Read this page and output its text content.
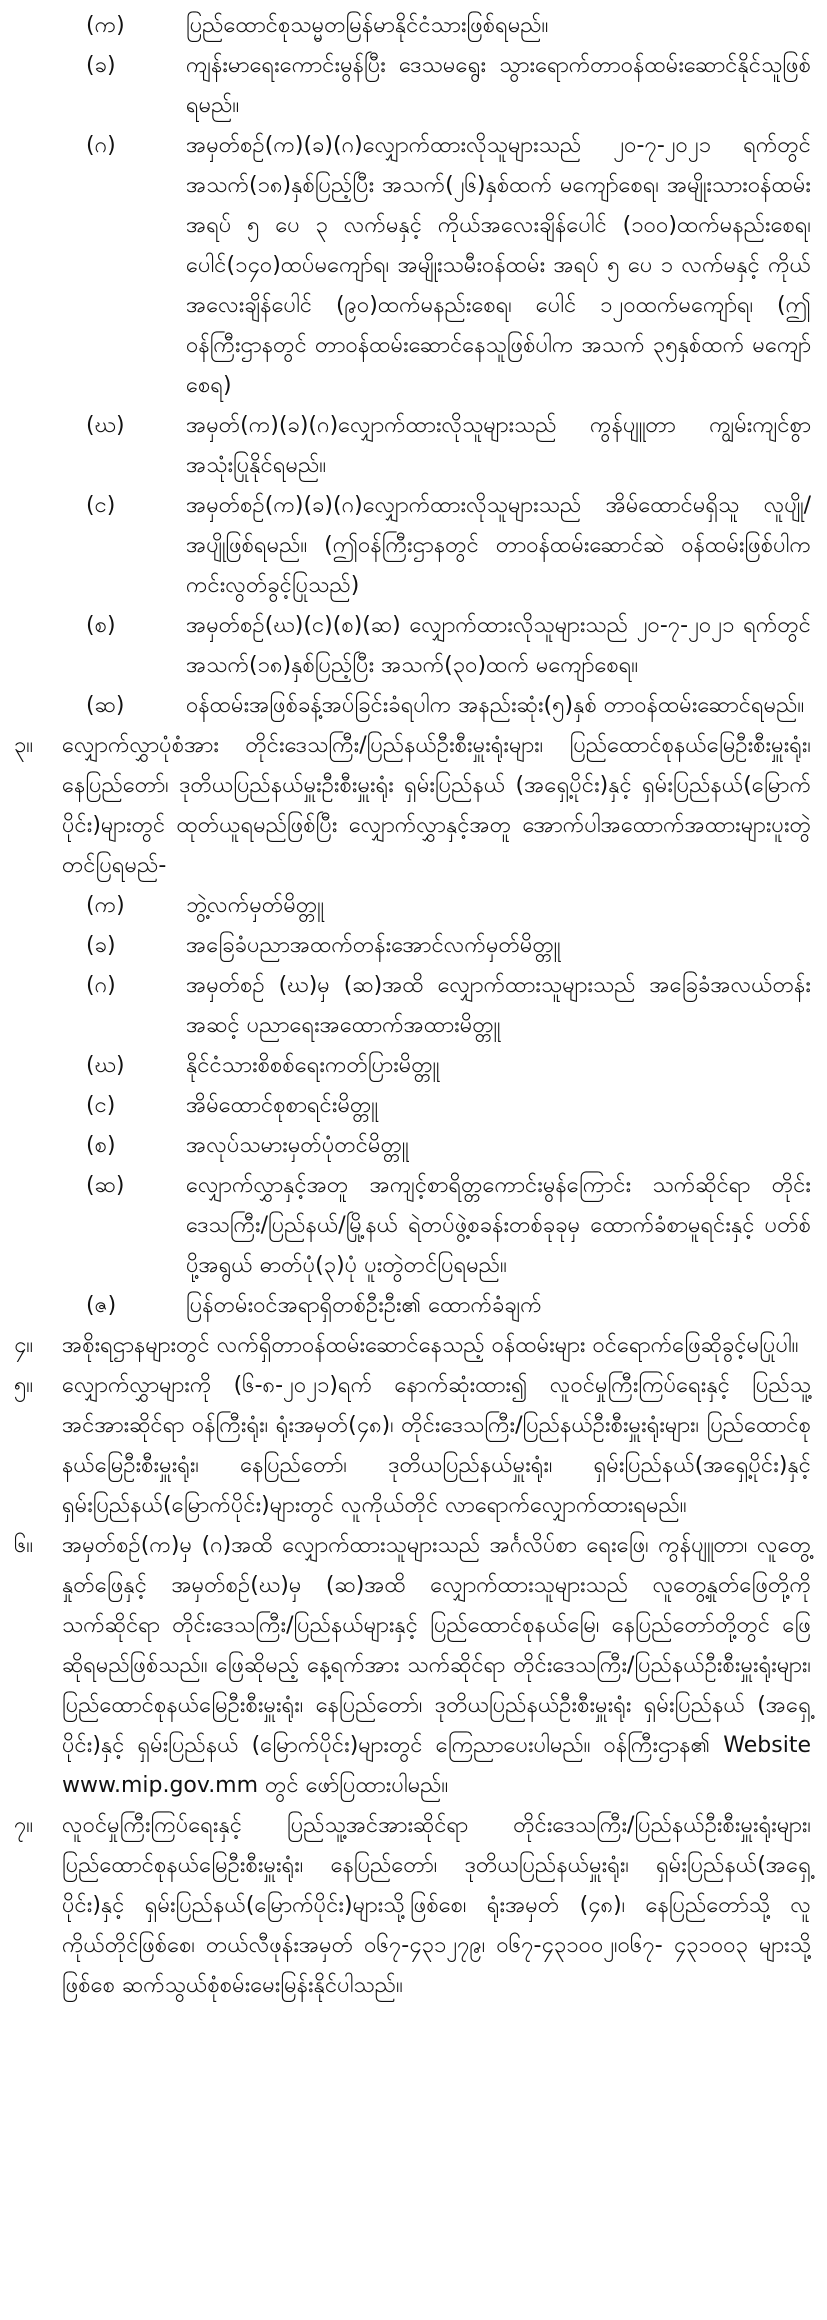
(က)	ပြည်ထောင်စုသမ္မတမြန်မာနိုင်ငံသားဖြစ်ရမည်။
(ခ)	ကျန်းမာရေးကောင်းမွန်ပြီး ဒေသမရွေး သွားရောက်တာဝန်ထမ်းဆောင်နိုင်သူဖြစ်ရမည်။
(ဂ)	အမှတ်စဉ်(က)(ခ)(ဂ)လျှောက်ထားလိုသူများသည် ၂၀-၇-၂၀၂၁ ရက်တွင် အသက်(၁၈)နှစ်ပြည့်ပြီး အသက်(၂၆)နှစ်ထက် မကျော်စေရ၊ အမျိုးသားဝန်ထမ်းအရပ် ၅ ပေ ၃ လက်မနှင့် ကိုယ်အလေးချိန်ပေါင် (၁၀၀)ထက်မနည်းစေရ၊ ပေါင်(၁၄၀)ထပ်မကျော်ရ၊ အမျိုးသမီးဝန်ထမ်း အရပ် ၅ ပေ ၁ လက်မနှင့် ကိုယ်အလေးချိန်ပေါင် (၉၀)ထက်မနည်းစေရ၊ ပေါင် ၁၂၀ထက်မကျော်ရ၊ (ဤဝန်ကြီးဌာနတွင် တာဝန်ထမ်းဆောင်နေသူဖြစ်ပါက အသက် ၃၅နှစ်ထက် မကျော်စေရ)
(ဃ)	အမှတ်(က)(ခ)(ဂ)လျှောက်ထားလိုသူများသည် ကွန်ပျူတာ ကျွမ်းကျင်စွာ အသုံးပြုနိုင်ရမည်။
(င)	အမှတ်စဉ်(က)(ခ)(ဂ)လျှောက်ထားလိုသူများသည် အိမ်ထောင်မရှိသူ လူပျို/အပျိုဖြစ်ရမည်။ (ဤဝန်ကြီးဌာနတွင် တာဝန်ထမ်းဆောင်ဆဲ ဝန်ထမ်းဖြစ်ပါက ကင်းလွတ်ခွင့်ပြုသည်)
(စ)	အမှတ်စဉ်(ဃ)(င)(စ)(ဆ) လျှောက်ထားလိုသူများသည် ၂၀-၇-၂၀၂၁ ရက်တွင် အသက်(၁၈)နှစ်ပြည့်ပြီး အသက်(၃၀)ထက် မကျော်စေရ။
(ဆ)	ဝန်ထမ်းအဖြစ်ခန့်အပ်ခြင်းခံရပါက အနည်းဆုံး(၅)နှစ် တာဝန်ထမ်းဆောင်ရမည်။
၃။	လျှောက်လွှာပုံစံအား တိုင်းဒေသကြီး/ပြည်နယ်ဦးစီးမှူးရုံးများ၊ ပြည်ထောင်စုနယ်မြေဦးစီးမှူးရုံး၊ နေပြည်တော်၊ ဒုတိယပြည်နယ်မှူးဦးစီးမှူးရုံး ရှမ်းပြည်နယ် (အရှေ့ပိုင်း)နှင့် ရှမ်းပြည်နယ်(မြောက်ပိုင်း)များတွင် ထုတ်ယူရမည်ဖြစ်ပြီး လျှောက်လွှာနှင့်အတူ အောက်ပါအထောက်အထားများပူးတွဲတင်ပြရမည်-
(က)	ဘွဲ့လက်မှတ်မိတ္တူ
(ခ)	အခြေခံပညာအထက်တန်းအောင်လက်မှတ်မိတ္တူ
(ဂ)	အမှတ်စဉ် (ဃ)မှ (ဆ)အထိ လျှောက်ထားသူများသည် အခြေခံအလယ်တန်းအဆင့် ပညာရေးအထောက်အထားမိတ္တူ
(ဃ)	နိုင်ငံသားစိစစ်ရေးကတ်ပြားမိတ္တူ
(င)	အိမ်ထောင်စုစာရင်းမိတ္တူ
(စ)	အလုပ်သမားမှတ်ပုံတင်မိတ္တူ
(ဆ)	လျှောက်လွှာနှင့်အတူ အကျင့်စာရိတ္တကောင်းမွန်ကြောင်း သက်ဆိုင်ရာ တိုင်းဒေသကြီး/ပြည်နယ်/မြို့နယ် ရဲတပ်ဖွဲ့စခန်းတစ်ခုခုမှ ထောက်ခံစာမူရင်းနှင့် ပတ်စ်ပို့အရွယ် ဓာတ်ပုံ(၃)ပုံ ပူးတွဲတင်ပြရမည်။
(ဇ)	ပြန်တမ်းဝင်အရာရှိတစ်ဦးဦး၏ ထောက်ခံချက်
၄။	အစိုးရဌာနများတွင် လက်ရှိတာဝန်ထမ်းဆောင်နေသည့် ဝန်ထမ်းများ ဝင်ရောက်ဖြေဆိုခွင့်မပြုပါ။
၅။	လျှောက်လွှာများကို (၆-၈-၂၀၂၁)ရက် နောက်ဆုံးထား၍ လူဝင်မှုကြီးကြပ်ရေးနှင့် ပြည်သူ့အင်အားဆိုင်ရာ ဝန်ကြီးရုံး၊ ရုံးအမှတ်(၄၈)၊ တိုင်းဒေသကြီး/ပြည်နယ်ဦးစီးမှူးရုံးများ၊ ပြည်ထောင်စုနယ်မြေဦးစီးမှူးရုံး၊ နေပြည်တော်၊ ဒုတိယပြည်နယ်မှူးရုံး၊ ရှမ်းပြည်နယ်(အရှေ့ပိုင်း)နှင့် ရှမ်းပြည်နယ်(မြောက်ပိုင်း)များတွင် လူကိုယ်တိုင် လာရောက်လျှောက်ထားရမည်။
၆။	အမှတ်စဉ်(က)မှ (ဂ)အထိ လျှောက်ထားသူများသည် အင်္ဂလိပ်စာ ရေးဖြေ၊ ကွန်ပျူတာ၊ လူတွေ့နှုတ်ဖြေနှင့် အမှတ်စဉ်(ဃ)မှ (ဆ)အထိ လျှောက်ထားသူများသည် လူတွေ့နှုတ်ဖြေတို့ကို သက်ဆိုင်ရာ တိုင်းဒေသကြီး/ပြည်နယ်များနှင့် ပြည်ထောင်စုနယ်မြေ၊ နေပြည်တော်တို့တွင် ဖြေဆိုရမည်ဖြစ်သည်။ ဖြေဆိုမည့် နေ့ရက်အား သက်ဆိုင်ရာ တိုင်းဒေသကြီး/ပြည်နယ်ဦးစီးမှူးရုံးများ၊ ပြည်ထောင်စုနယ်မြေဦးစီးမှူးရုံး၊ နေပြည်တော်၊ ဒုတိယပြည်နယ်ဦးစီးမှူးရုံး ရှမ်းပြည်နယ် (အရှေ့ပိုင်း)နှင့် ရှမ်းပြည်နယ် (မြောက်ပိုင်း)များတွင် ကြေညာပေးပါမည်။ ဝန်ကြီးဌာန၏ Website www.mip.gov.mm တွင် ဖော်ပြထားပါမည်။
၇။	လူဝင်မှုကြီးကြပ်ရေးနှင့် ပြည်သူ့အင်အားဆိုင်ရာ တိုင်းဒေသကြီး/ပြည်နယ်ဦးစီးမှူးရုံးများ၊ ပြည်ထောင်စုနယ်မြေဦးစီးမှူးရုံး၊ နေပြည်တော်၊ ဒုတိယပြည်နယ်မှူးရုံး၊ ရှမ်းပြည်နယ်(အရှေ့ပိုင်း)နှင့် ရှမ်းပြည်နယ်(မြောက်ပိုင်း)များသို့ဖြစ်စေ၊ ရုံးအမှတ် (၄၈)၊ နေပြည်တော်သို့ လူကိုယ်တိုင်ဖြစ်စေ၊ တယ်လီဖုန်းအမှတ် ၀၆၇-၄၃၁၂၇၉၊ ၀၆၇-၄၃၁၀၀၂၊၀၆၇- ၄၃၁၀၀၃ များသို့ဖြစ်စေ ဆက်သွယ်စုံစမ်းမေးမြန်းနိုင်ပါသည်။
